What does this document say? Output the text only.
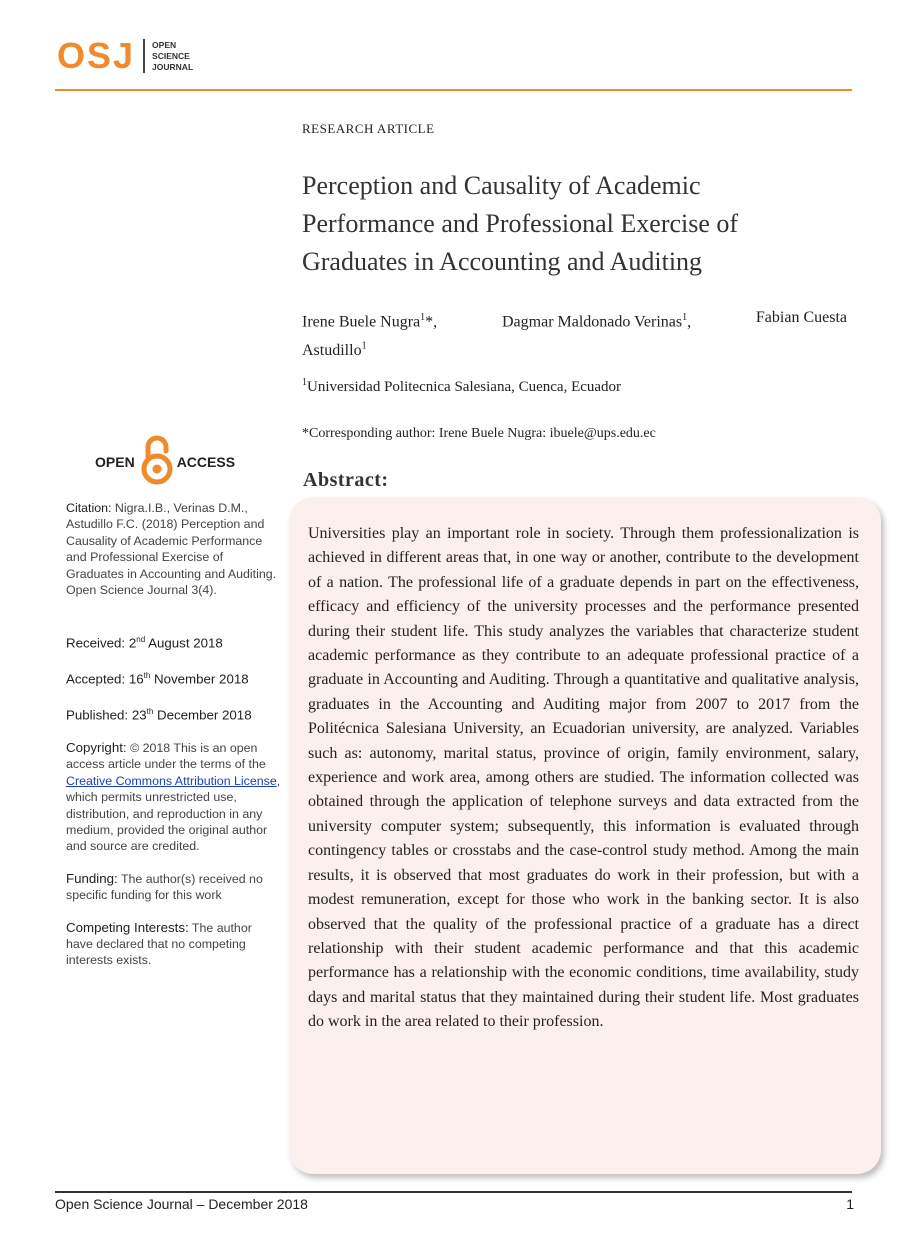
OSJ OPEN
SCIENCE
JOURNAL
RESEARCH ARTICLE
Perception and Causality of Academic
Performance and Professional Exercise of
Graduates in Accounting and Auditing
Irene Buele Nugra$^1$*,	Dagmar Maldonado Verinas$^1$,	Fabian Cuesta
Astudillo$^1$
$^1$Universidad Politecnica Salesiana, Cuenca, Ecuador
*Corresponding author: Irene Buele Nugra: ibuele@ups.edu.ec
Abstract:

Universities play an important role in society. Through them professionalization is achieved in different areas that, in one way or another, contribute to the development of a nation. The professional life of a graduate depends in part on the effectiveness, efficacy and efficiency of the university processes and the performance presented during their student life. This study analyzes the variables that characterize student academic performance as they contribute to an adequate professional practice of a graduate in Accounting and Auditing. Through a quantitative and qualitative analysis, graduates in the Accounting and Auditing major from 2007 to 2017 from the Politécnica Salesiana University, an Ecuadorian university, are analyzed. Variables such as: autonomy, marital status, province of origin, family environment, salary, experience and work area, among others are studied. The information collected was obtained through the application of telephone surveys and data extracted from the university computer system; subsequently, this information is evaluated through contingency tables or crosstabs and the case-control study method. Among the main results, it is observed that most graduates do work in their profession, but with a modest remuneration, except for those who work in the banking sector. It is also observed that the quality of the professional practice of a graduate has a direct relationship with their student academic performance and that this academic performance has a relationship with the economic conditions, time availability, study days and marital status that they maintained during their student life. Most graduates do work in the area related to their profession.

OPEN	ACCESS
Citation: Nigra.I.B., Verinas D.M., Astudillo F.C. (2018) Perception and Causality of Academic Performance and Professional Exercise of Graduates in Accounting and Auditing. Open Science Journal 3(4).
Received: 2nd August 2018
Accepted: 16th November 2018
Published: 23th December 2018
Copyright: © 2018 This is an open access article under the terms of the Creative Commons Attribution License, which permits unrestricted use, distribution, and reproduction in any medium, provided the original author and source are credited.
Funding: The author(s) received no specific funding for this work
Competing Interests: The author have declared that no competing interests exists.
Open Science Journal – December 2018	1
